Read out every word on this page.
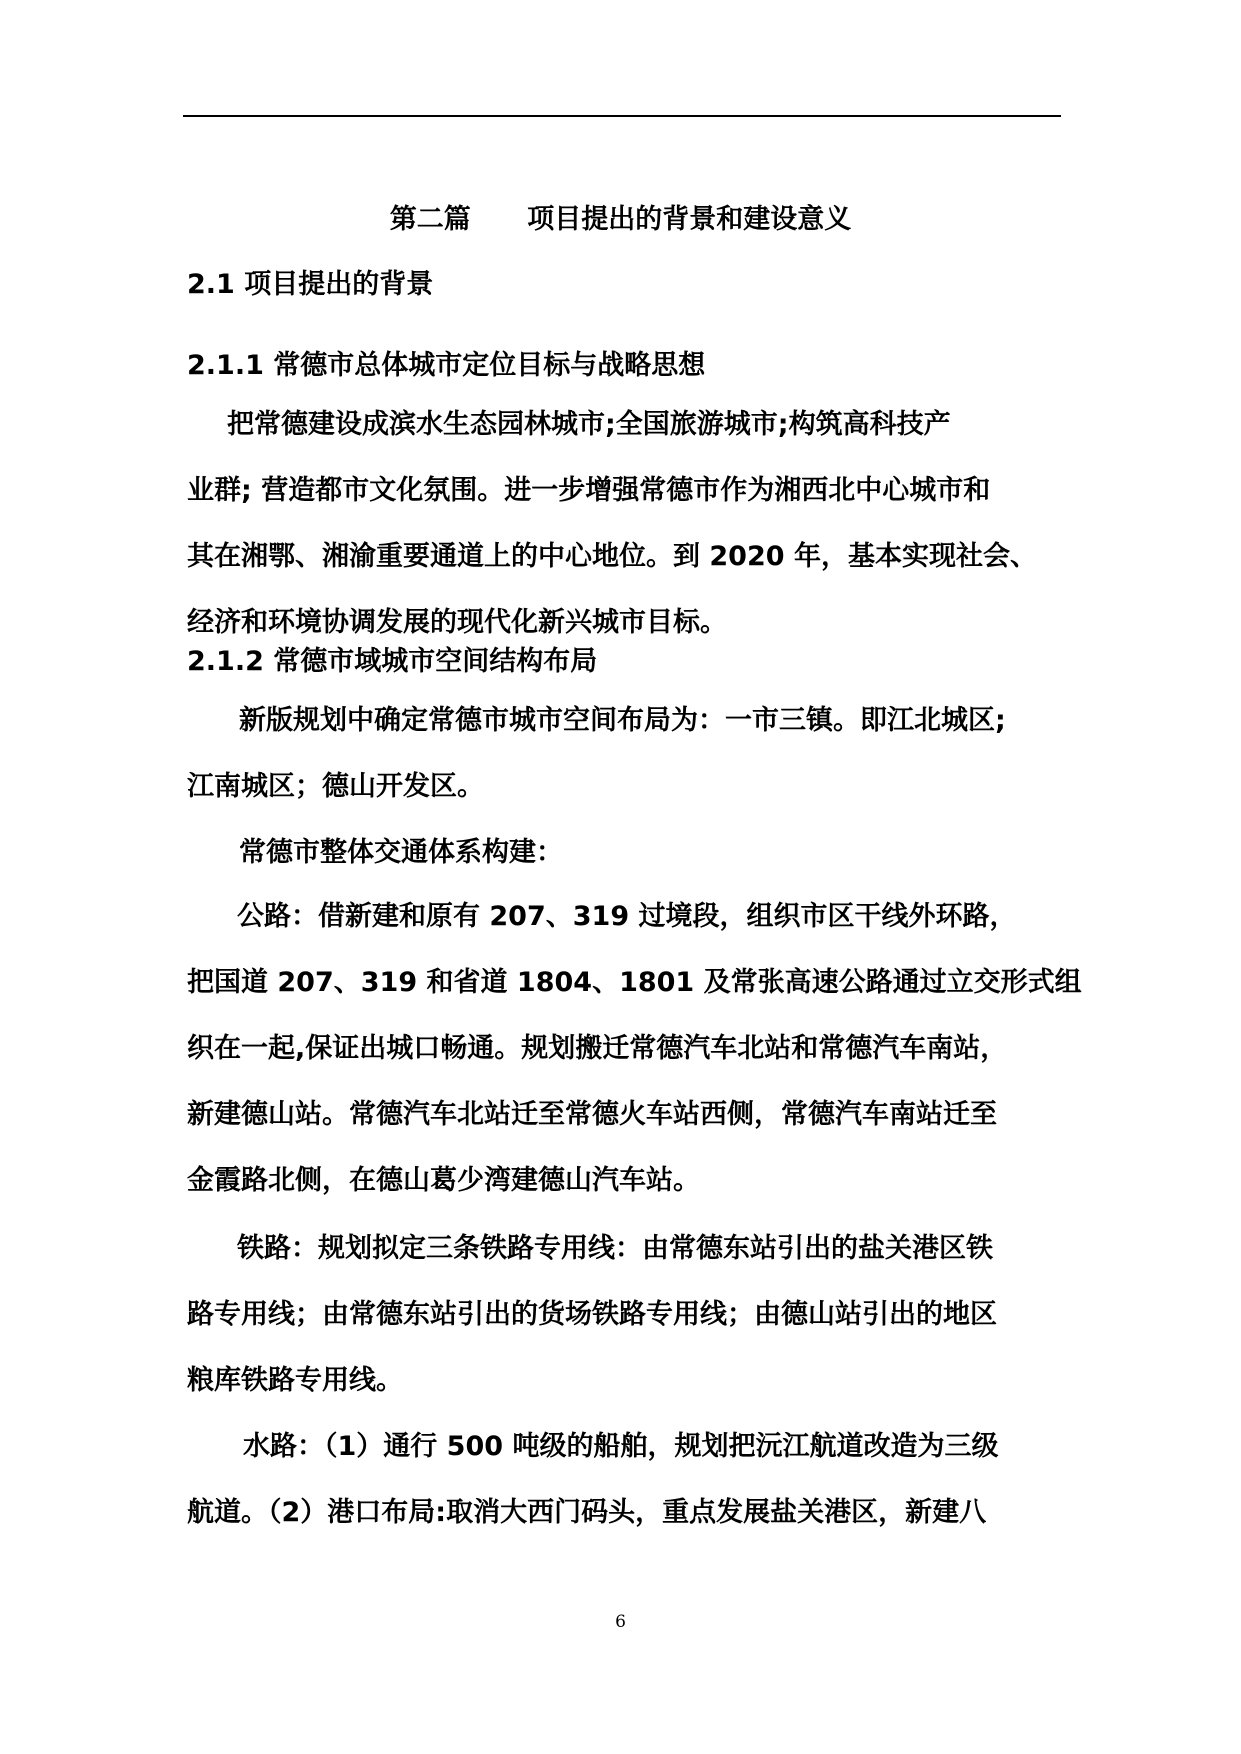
第二篇      项目提出的背景和建设意义
2.1 项目提出的背景
2.1.1 常德市总体城市定位目标与战略思想
把常德建设成滨水生态园林城市;全国旅游城市;构筑高科技产
业群; 营造都市文化氛围。进一步增强常德市作为湘西北中心城市和
其在湘鄂、湘渝重要通道上的中心地位。到 2020 年，基本实现社会、
经济和环境协调发展的现代化新兴城市目标。
2.1.2 常德市域城市空间结构布局
新版规划中确定常德市城市空间布局为：一市三镇。即江北城区;
江南城区；德山开发区。
常德市整体交通体系构建：
公路：借新建和原有 207、319 过境段，组织市区干线外环路，
把国道 207、319 和省道 1804、1801 及常张高速公路通过立交形式组
织在一起,保证出城口畅通。规划搬迁常德汽车北站和常德汽车南站，
新建德山站。常德汽车北站迁至常德火车站西侧，常德汽车南站迁至
金霞路北侧，在德山葛少湾建德山汽车站。
铁路：规划拟定三条铁路专用线：由常德东站引出的盐关港区铁
路专用线；由常德东站引出的货场铁路专用线；由德山站引出的地区
粮库铁路专用线。
水路：（1）通行 500 吨级的船舶，规划把沅江航道改造为三级
航道。（2）港口布局:取消大西门码头，重点发展盐关港区，新建八
6
